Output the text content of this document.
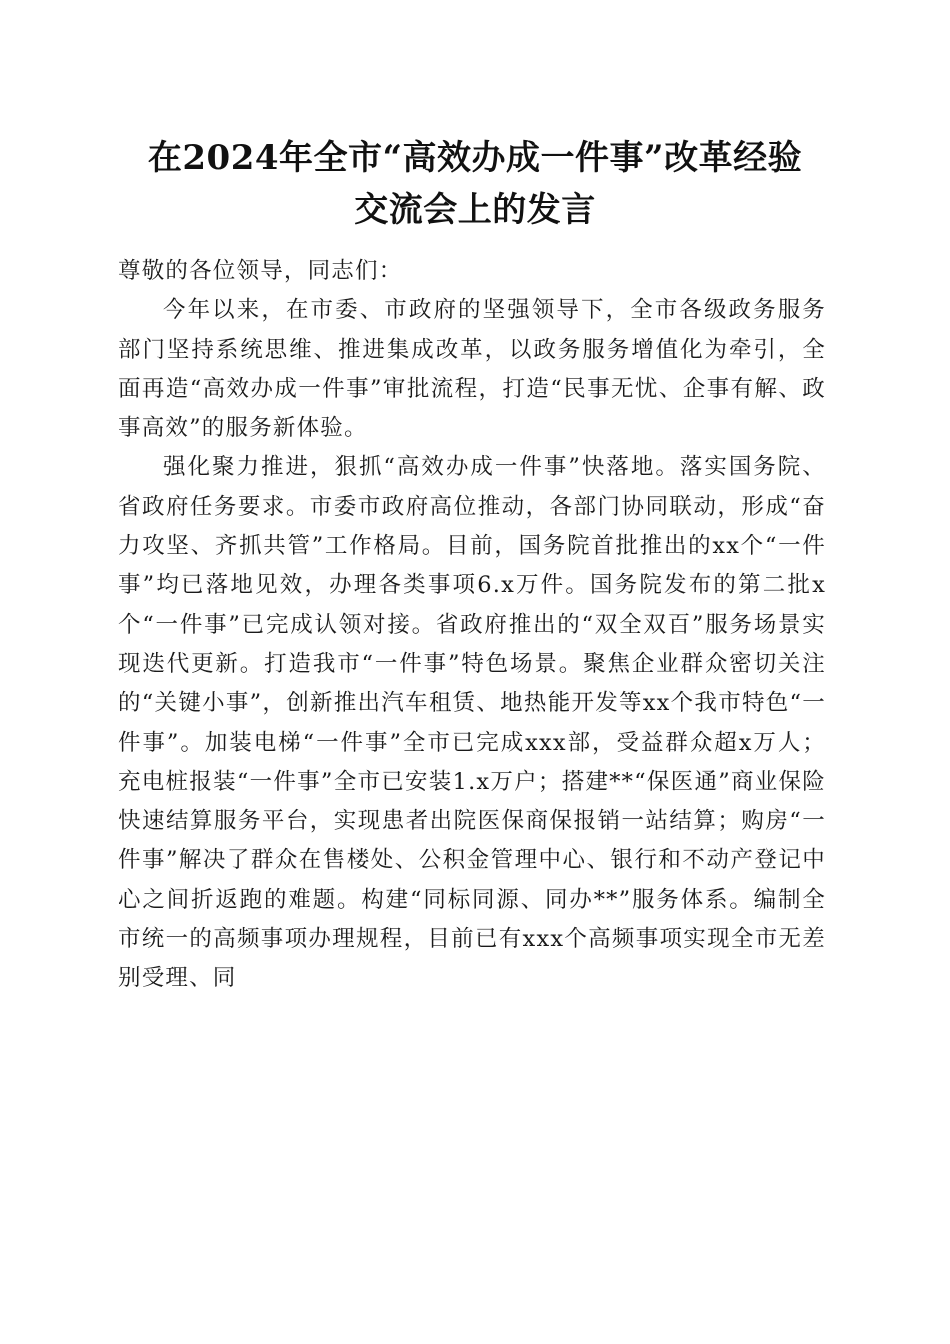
在2024年全市“高效办成一件事”改革经验
交流会上的发言

尊敬的各位领导，同志们：

今年以来，在市委、市政府的坚强领导下，全市各级政务服务部门坚持系统思维、推进集成改革，以政务服务增值化为牵引，全面再造“高效办成一件事”审批流程，打造“民事无忧、企事有解、政事高效”的服务新体验。

强化聚力推进，狠抓“高效办成一件事”快落地。落实国务院、省政府任务要求。市委市政府高位推动，各部门协同联动，形成“奋力攻坚、齐抓共管”工作格局。目前，国务院首批推出的xx个“一件事”均已落地见效，办理各类事项6.x万件。国务院发布的第二批x个“一件事”已完成认领对接。省政府推出的“双全双百”服务场景实现迭代更新。打造我市“一件事”特色场景。聚焦企业群众密切关注的“关键小事”，创新推出汽车租赁、地热能开发等xx个我市特色“一件事”。加装电梯“一件事”全市已完成xxx部，受益群众超x万人；充电桩报装“一件事”全市已安装1.x万户；搭建**“保医通”商业保险快速结算服务平台，实现患者出院医保商保报销一站结算；购房“一件事”解决了群众在售楼处、公积金管理中心、银行和不动产登记中心之间折返跑的难题。构建“同标同源、同办**”服务体系。编制全市统一的高频事项办理规程，目前已有xxx个高频事项实现全市无差别受理、同
